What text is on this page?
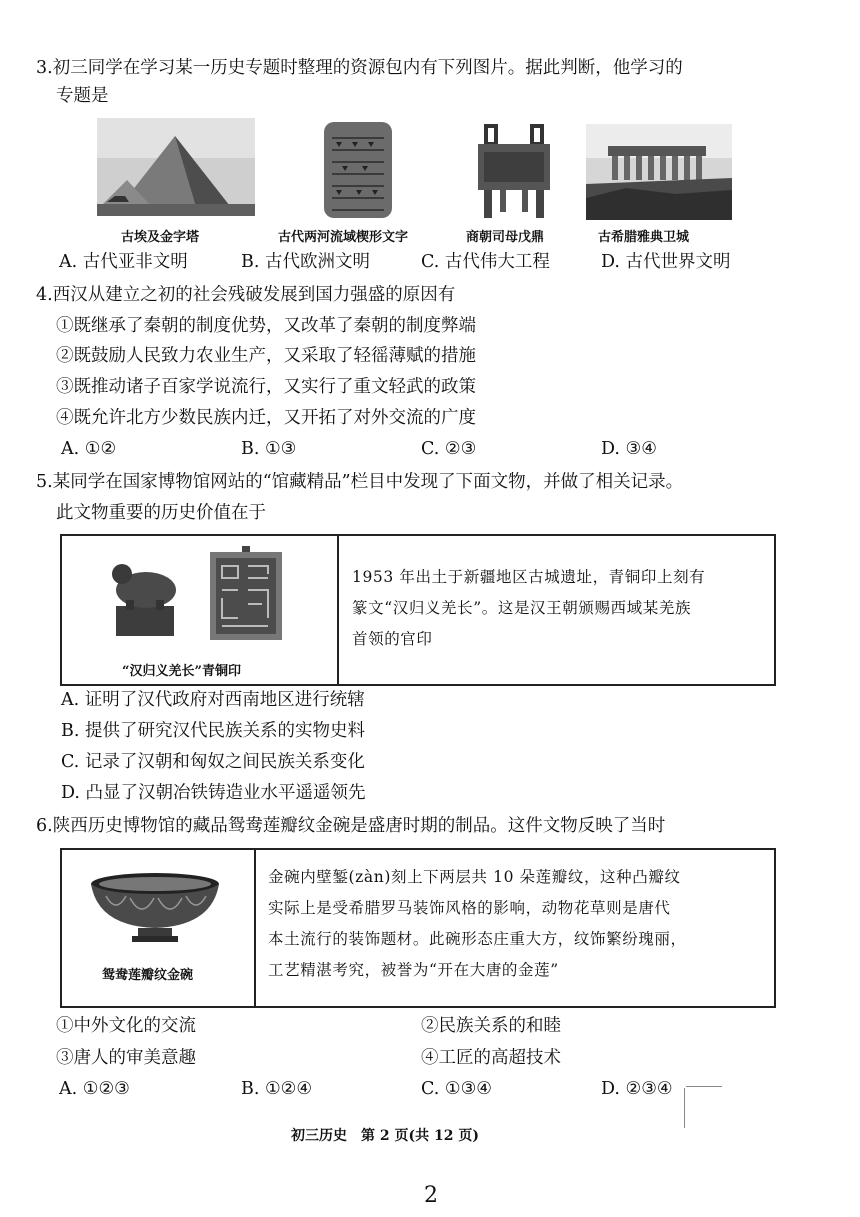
3.初三同学在学习某一历史专题时整理的资源包内有下列图片。据此判断，他学习的
专题是
古埃及金字塔	古代两河流域楔形文字	商朝司母戊鼎	古希腊雅典卫城
A. 古代亚非文明	B. 古代欧洲文明	C. 古代伟大工程	D. 古代世界文明
4.西汉从建立之初的社会残破发展到国力强盛的原因有
①既继承了秦朝的制度优势，又改革了秦朝的制度弊端
②既鼓励人民致力农业生产，又采取了轻徭薄赋的措施
③既推动诸子百家学说流行，又实行了重文轻武的政策
④既允许北方少数民族内迁，又开拓了对外交流的广度
A. ①②	B. ①③	C. ②③	D. ③④
5.某同学在国家博物馆网站的“馆藏精品”栏目中发现了下面文物，并做了相关记录。
此文物重要的历史价值在于
“汉归义羌长”青铜印
1953 年出土于新疆地区古城遗址，青铜印上刻有
篆文“汉归义羌长”。这是汉王朝颁赐西域某羌族
首领的官印
A. 证明了汉代政府对西南地区进行统辖
B. 提供了研究汉代民族关系的实物史料
C. 记录了汉朝和匈奴之间民族关系变化
D. 凸显了汉朝冶铁铸造业水平遥遥领先
6.陕西历史博物馆的藏品鸳鸯莲瓣纹金碗是盛唐时期的制品。这件文物反映了当时
鸳鸯莲瓣纹金碗
金碗内壁錾(zàn)刻上下两层共 10 朵莲瓣纹，这种凸瓣纹
实际上是受希腊罗马装饰风格的影响，动物花草则是唐代
本土流行的装饰题材。此碗形态庄重大方，纹饰繁纷瑰丽，
工艺精湛考究，被誉为“开在大唐的金莲”
①中外文化的交流	②民族关系的和睦
③唐人的审美意趣	④工匠的高超技术
A. ①②③	B. ①②④	C. ①③④	D. ②③④
初三历史　第 2 页(共 12 页)
2
